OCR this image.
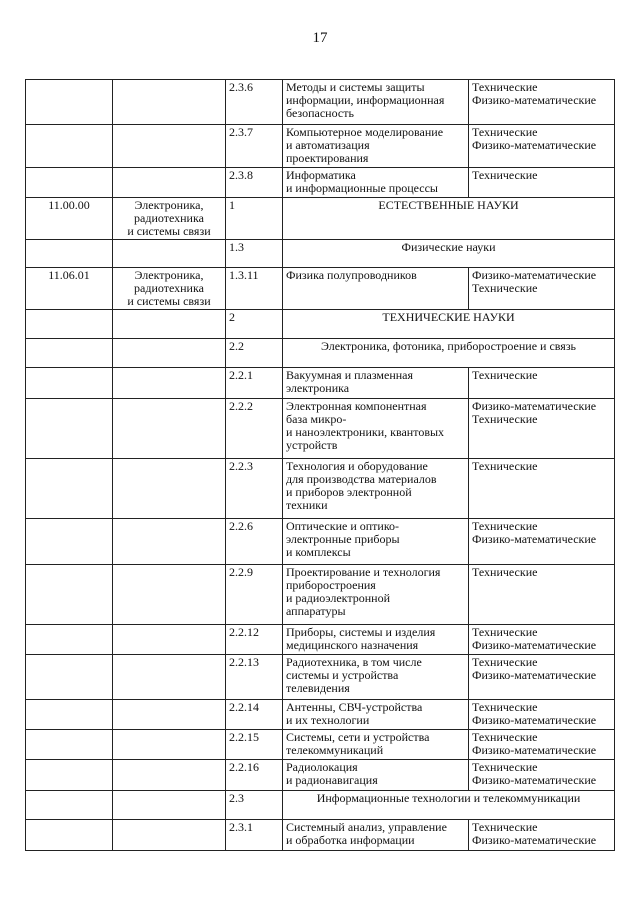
17

		2.3.6	Методы и системы защиты
информации, информационная
безопасность	Технические
Физико-математические

		2.3.7	Компьютерное моделирование
и автоматизация
проектирования	Технические
Физико-математические

		2.3.8	Информатика
и информационные процессы	Технические

11.00.00	Электроника,
радиотехника
и системы связи	1	ЕСТЕСТВЕННЫЕ НАУКИ	

		1.3	Физические науки	

11.06.01	Электроника,
радиотехника
и системы связи	1.3.11	Физика полупроводников	Физико-математические
Технические

		2	ТЕХНИЧЕСКИЕ НАУКИ	

		2.2	Электроника, фотоника, приборостроение и связь	

		2.2.1	Вакуумная и плазменная
электроника	Технические

		2.2.2	Электронная компонентная
база микро-
и наноэлектроники, квантовых
устройств	Физико-математические
Технические

		2.2.3	Технология и оборудование
для производства материалов
и приборов электронной
техники	Технические

		2.2.6	Оптические и оптико-
электронные приборы
и комплексы	Технические
Физико-математические

		2.2.9	Проектирование и технология
приборостроения
и радиоэлектронной
аппаратуры	Технические

		2.2.12	Приборы, системы и изделия
медицинского назначения	Технические
Физико-математические

		2.2.13	Радиотехника, в том числе
системы и устройства
телевидения	Технические
Физико-математические

		2.2.14	Антенны, СВЧ-устройства
и их технологии	Технические
Физико-математические

		2.2.15	Системы, сети и устройства
телекоммуникаций	Технические
Физико-математические

		2.2.16	Радиолокация
и радионавигация	Технические
Физико-математические

		2.3	Информационные технологии и телекоммуникации	

		2.3.1	Системный анализ, управление
и обработка информации	Технические
Физико-математические
